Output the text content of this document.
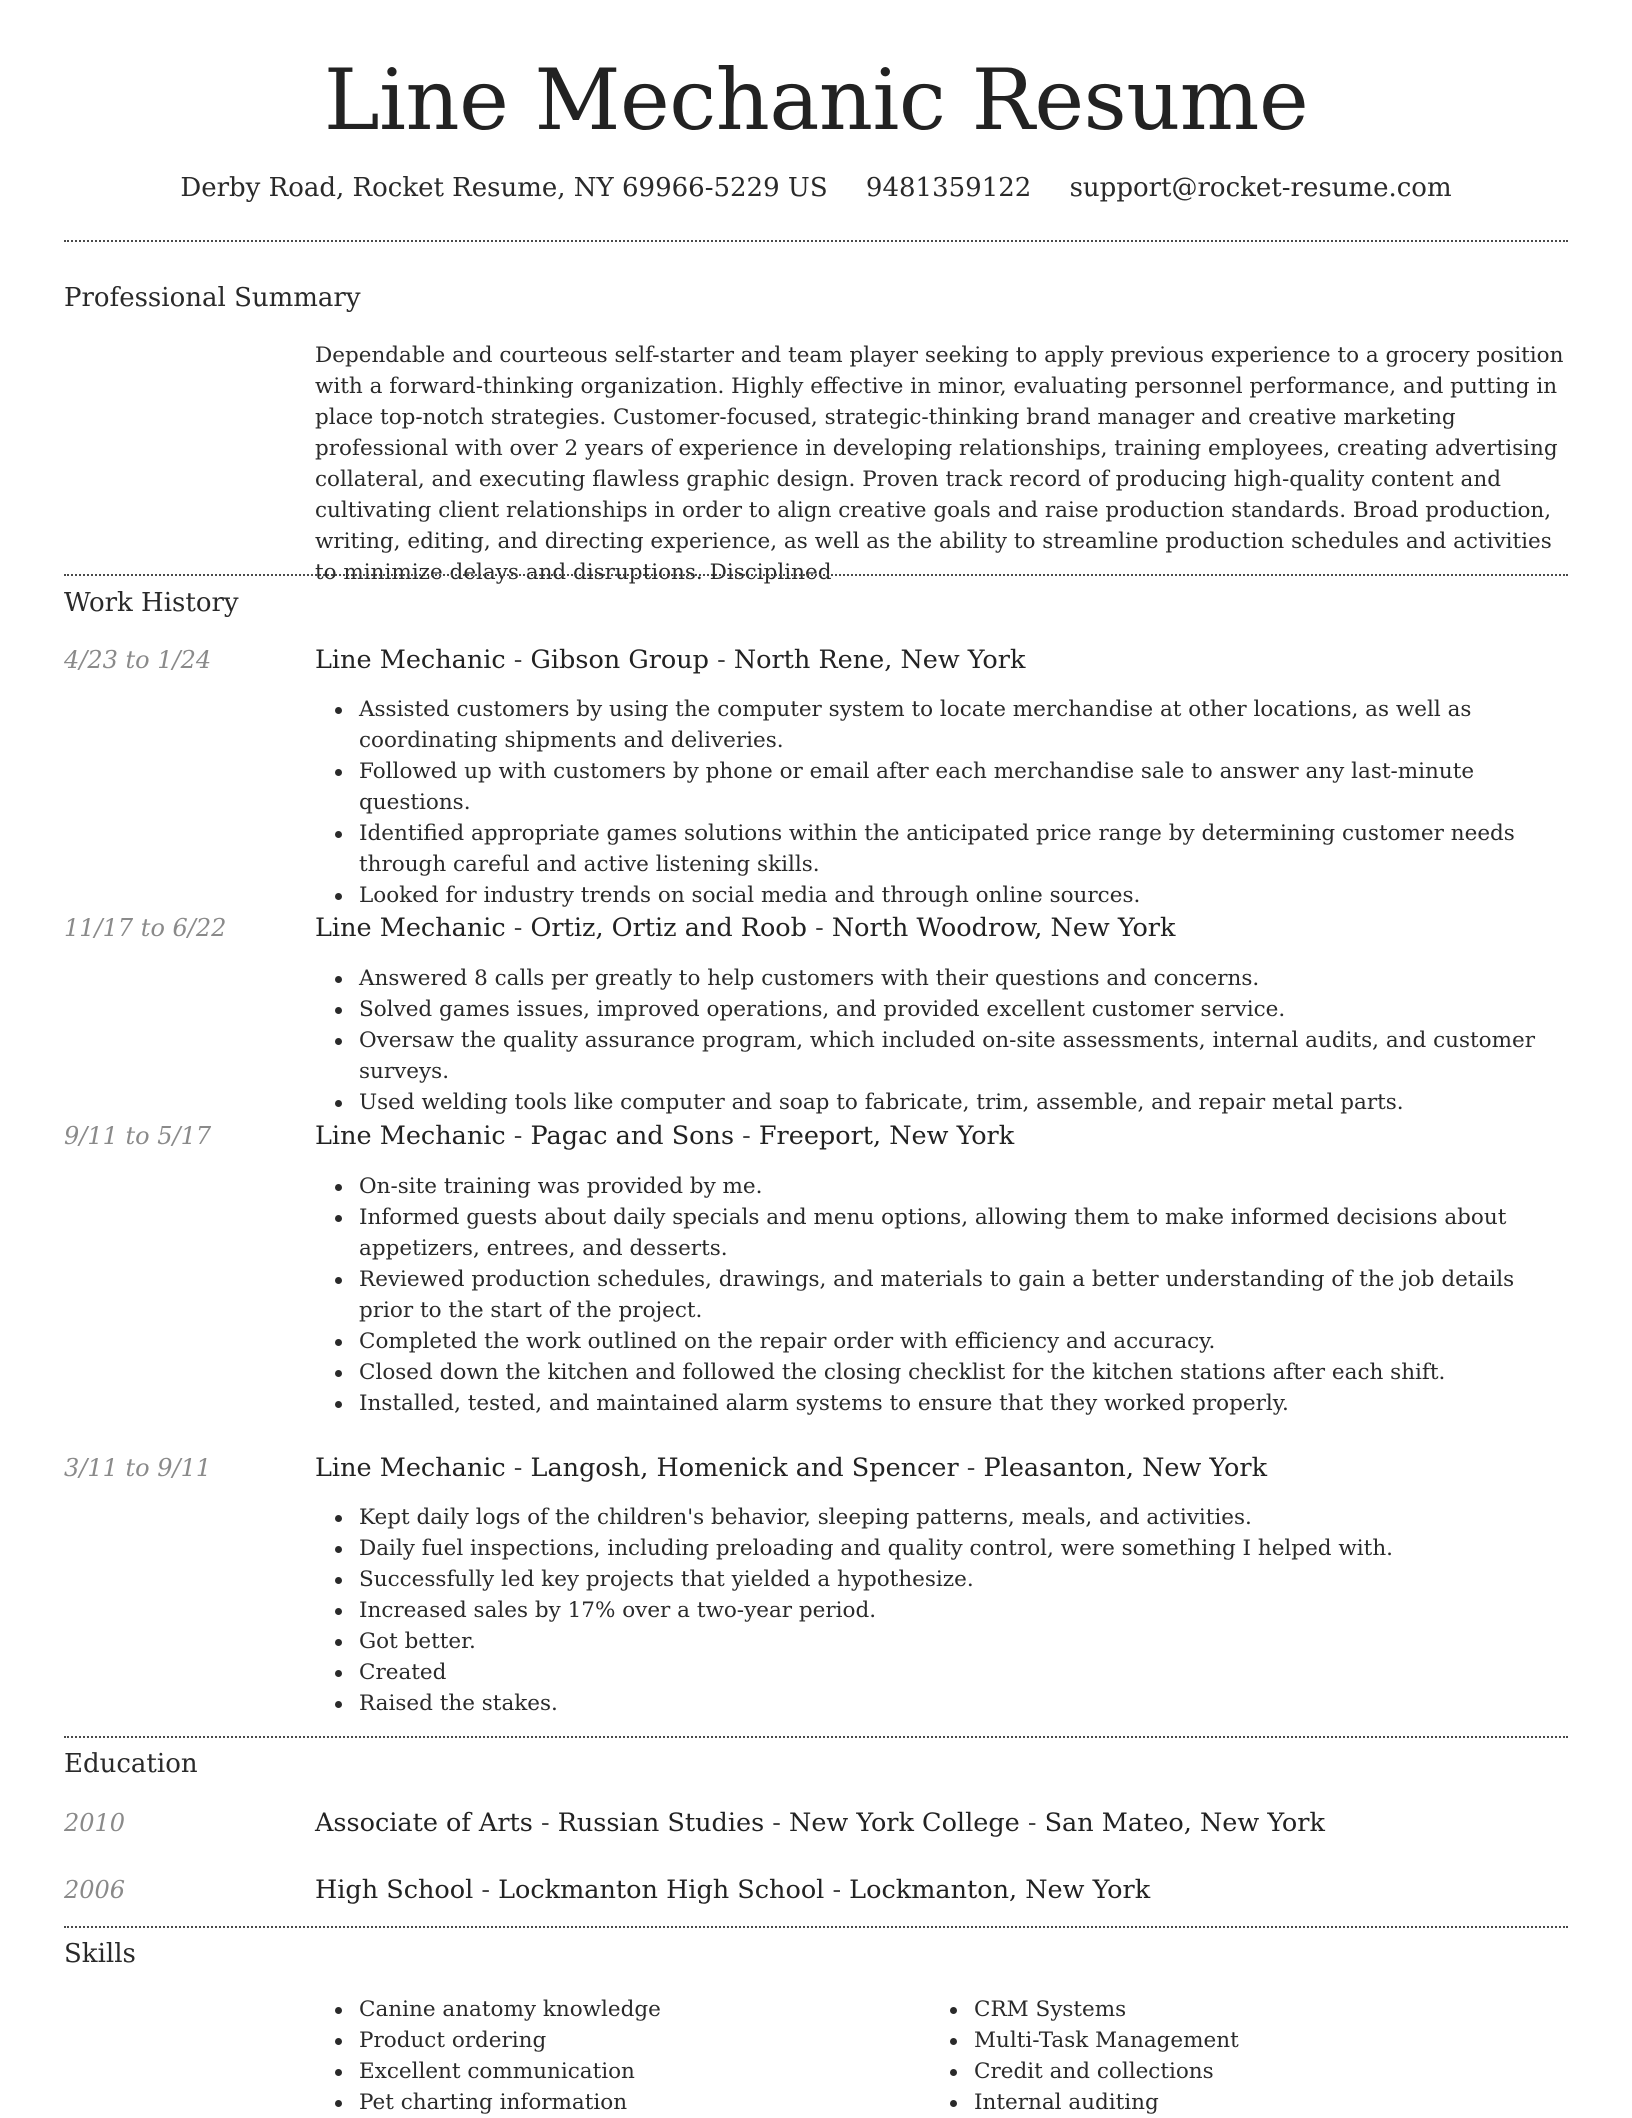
Line Mechanic Resume
Derby Road, Rocket Resume, NY 69966-5229 US 9481359122 support@rocket-resume.com
Professional Summary

Dependable and courteous self-starter and team player seeking to apply previous experience to a grocery position with a forward-thinking organization. Highly effective in minor, evaluating personnel performance, and putting in place top-notch strategies. Customer-focused, strategic-thinking brand manager and creative marketing professional with over 2 years of experience in developing relationships, training employees, creating advertising collateral, and executing flawless graphic design. Proven track record of producing high-quality content and cultivating client relationships in order to align creative goals and raise production standards. Broad production, writing, editing, and directing experience, as well as the ability to streamline production schedules and activities to minimize delays and disruptions. Disciplined

Work History
4/23 to 1/24	Line Mechanic - Gibson Group - North Rene, New York
Assisted customers by using the computer system to locate merchandise at other locations, as well as coordinating shipments and deliveries.
Followed up with customers by phone or email after each merchandise sale to answer any last-minute questions.
Identified appropriate games solutions within the anticipated price range by determining customer needs through careful and active listening skills.
Looked for industry trends on social media and through online sources.
11/17 to 6/22	Line Mechanic - Ortiz, Ortiz and Roob - North Woodrow, New York
Answered 8 calls per greatly to help customers with their questions and concerns.
Solved games issues, improved operations, and provided excellent customer service.
Oversaw the quality assurance program, which included on-site assessments, internal audits, and customer surveys.
Used welding tools like computer and soap to fabricate, trim, assemble, and repair metal parts.
9/11 to 5/17	Line Mechanic - Pagac and Sons - Freeport, New York
On-site training was provided by me.
Informed guests about daily specials and menu options, allowing them to make informed decisions about appetizers, entrees, and desserts.
Reviewed production schedules, drawings, and materials to gain a better understanding of the job details prior to the start of the project.
Completed the work outlined on the repair order with efficiency and accuracy.
Closed down the kitchen and followed the closing checklist for the kitchen stations after each shift.
Installed, tested, and maintained alarm systems to ensure that they worked properly.
3/11 to 9/11	Line Mechanic - Langosh, Homenick and Spencer - Pleasanton, New York
Kept daily logs of the children's behavior, sleeping patterns, meals, and activities.
Daily fuel inspections, including preloading and quality control, were something I helped with.
Successfully led key projects that yielded a hypothesize.
Increased sales by 17% over a two-year period.
Got better.
Created
Raised the stakes.
Education
2010	Associate of Arts - Russian Studies - New York College - San Mateo, New York
2006	High School - Lockmanton High School - Lockmanton, New York
Skills
Canine anatomy knowledge
Product ordering
Excellent communication
Pet charting information
CRM Systems
Multi-Task Management
Credit and collections
Internal auditing
